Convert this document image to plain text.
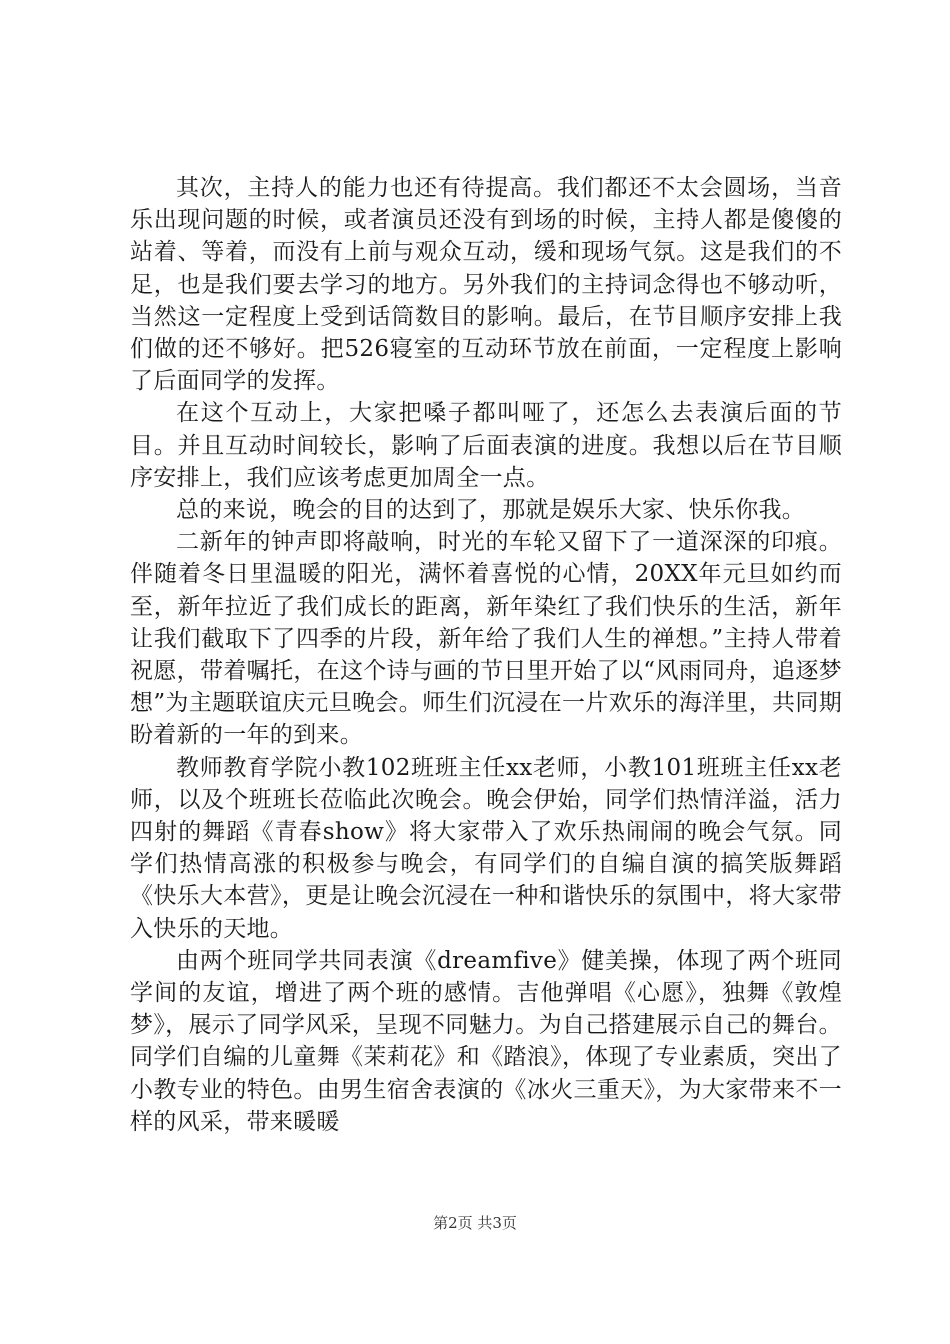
其次，主持人的能力也还有待提高。我们都还不太会圆场，当音乐出现问题的时候，或者演员还没有到场的时候，主持人都是傻傻的站着、等着，而没有上前与观众互动，缓和现场气氛。这是我们的不足，也是我们要去学习的地方。另外我们的主持词念得也不够动听，当然这一定程度上受到话筒数目的影响。最后，在节目顺序安排上我们做的还不够好。把526寝室的互动环节放在前面，一定程度上影响了后面同学的发挥。

在这个互动上，大家把嗓子都叫哑了，还怎么去表演后面的节目。并且互动时间较长，影响了后面表演的进度。我想以后在节目顺序安排上，我们应该考虑更加周全一点。

总的来说，晚会的目的达到了，那就是娱乐大家、快乐你我。

二新年的钟声即将敲响，时光的车轮又留下了一道深深的印痕。伴随着冬日里温暖的阳光，满怀着喜悦的心情，20XX年元旦如约而至，新年拉近了我们成长的距离，新年染红了我们快乐的生活，新年让我们截取下了四季的片段，新年给了我们人生的禅想。”主持人带着祝愿，带着嘱托，在这个诗与画的节日里开始了以“风雨同舟，追逐梦想”为主题联谊庆元旦晚会。师生们沉浸在一片欢乐的海洋里，共同期盼着新的一年的到来。

教师教育学院小教102班班主任xx老师，小教101班班主任xx老师，以及个班班长莅临此次晚会。晚会伊始，同学们热情洋溢，活力四射的舞蹈《青春show》将大家带入了欢乐热闹闹的晚会气氛。同学们热情高涨的积极参与晚会，有同学们的自编自演的搞笑版舞蹈《快乐大本营》，更是让晚会沉浸在一种和谐快乐的氛围中，将大家带入快乐的天地。

由两个班同学共同表演《dreamfive》健美操，体现了两个班同学间的友谊，增进了两个班的感情。吉他弹唱《心愿》，独舞《敦煌梦》，展示了同学风采，呈现不同魅力。为自己搭建展示自己的舞台。同学们自编的儿童舞《茉莉花》和《踏浪》，体现了专业素质，突出了小教专业的特色。由男生宿舍表演的《冰火三重天》，为大家带来不一样的风采，带来暖暖

第2页 共3页
